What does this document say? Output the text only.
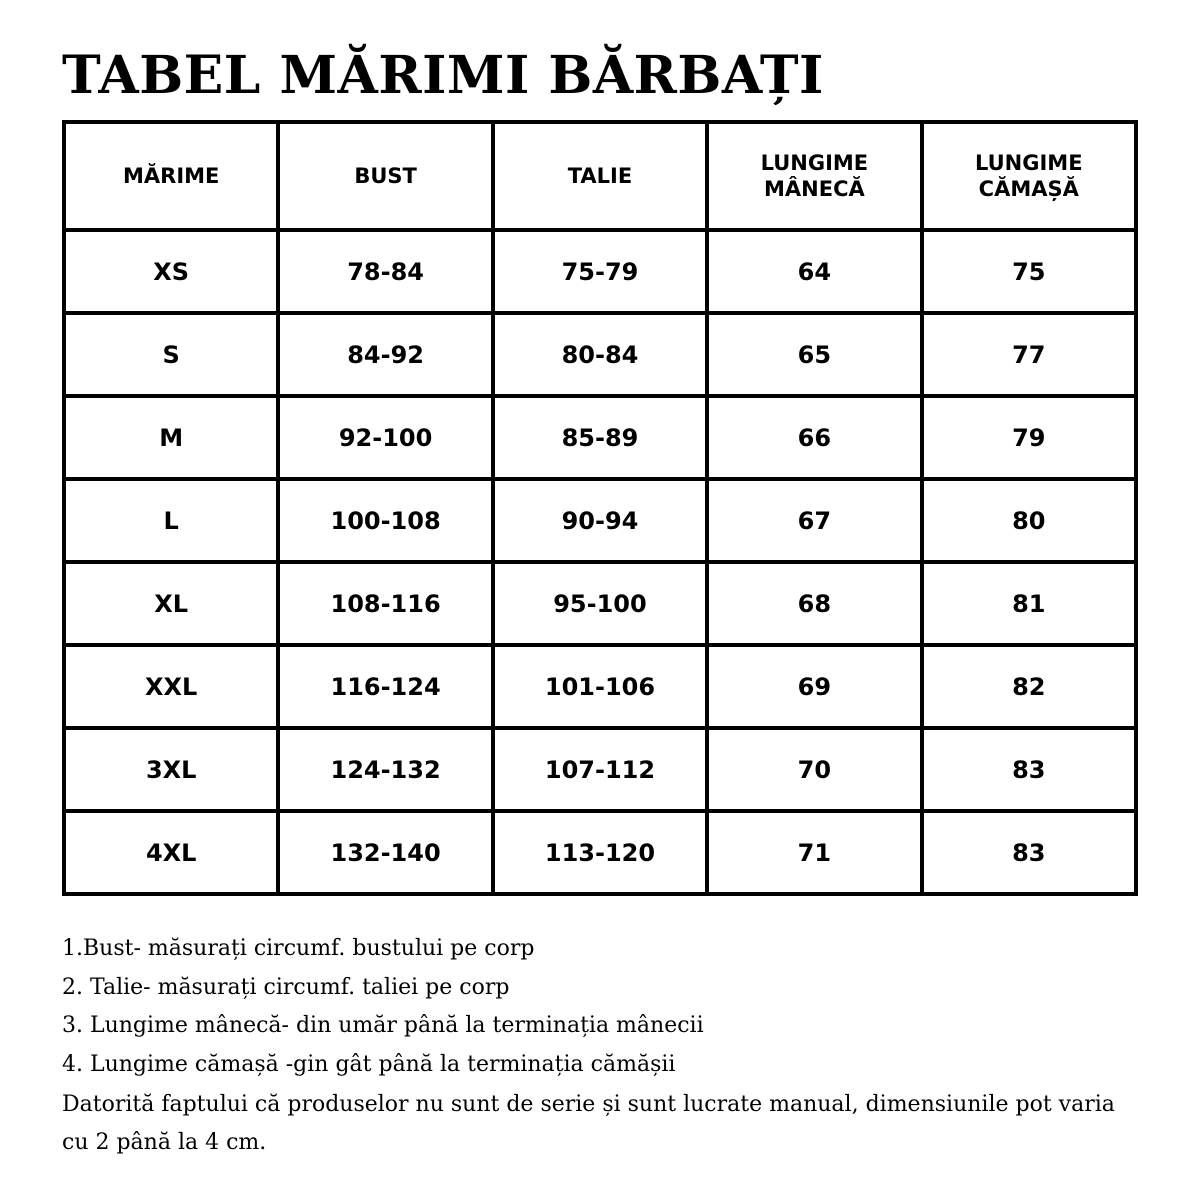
TABEL MĂRIMI BĂRBAȚI
MĂRIME	BUST	TALIE	LUNGIME MÂNECĂ	LUNGIME CĂMAȘĂ
XS	78-84	75-79	64	75
S	84-92	80-84	65	77
M	92-100	85-89	66	79
L	100-108	90-94	67	80
XL	108-116	95-100	68	81
XXL	116-124	101-106	69	82
3XL	124-132	107-112	70	83
4XL	132-140	113-120	71	83
1.Bust- măsurați circumf. bustului pe corp
2. Talie- măsurați circumf. taliei pe corp
3. Lungime mânecă- din umăr până la terminația mânecii
4. Lungime cămașă -gin gât până la terminația cămășii

Datorită faptului că produselor nu sunt de serie și sunt lucrate manual, dimensiunile pot varia cu 2 până la 4 cm.
